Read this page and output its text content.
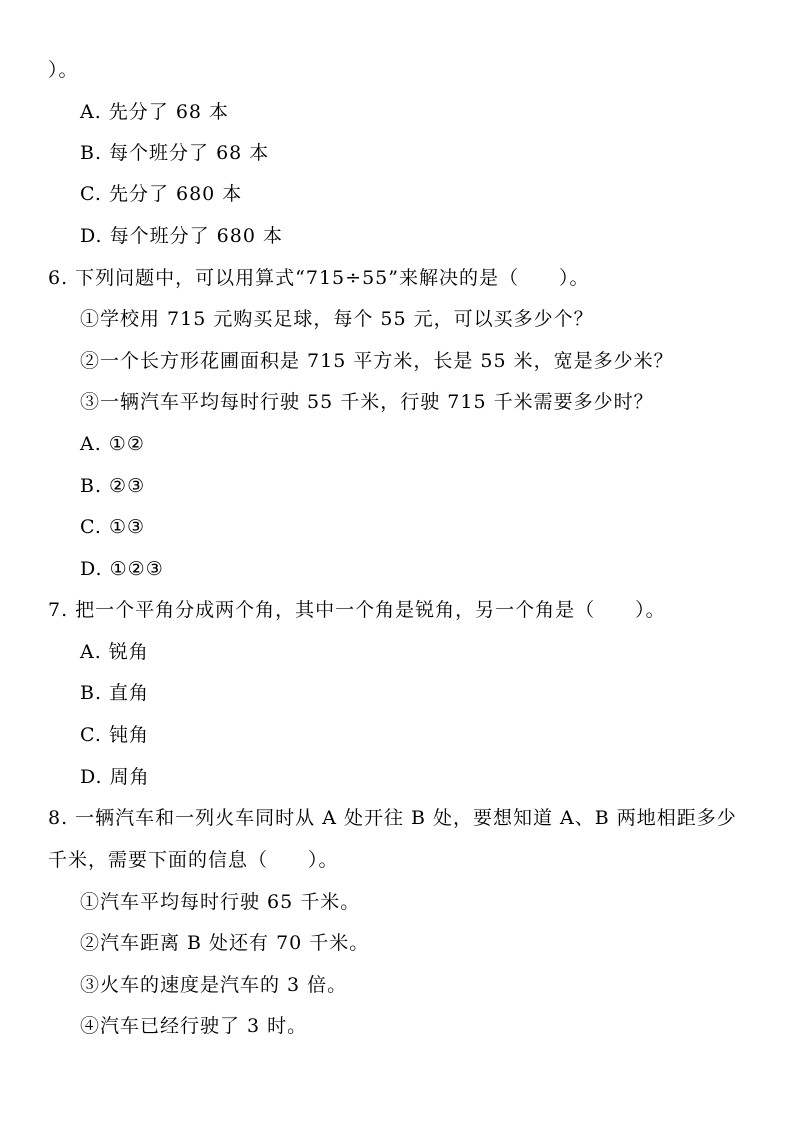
）。
A. 先分了 68 本
B. 每个班分了 68 本
C. 先分了 680 本
D. 每个班分了 680 本
6. 下列问题中，可以用算式“715÷55”来解决的是（　　）。
①学校用 715 元购买足球，每个 55 元，可以买多少个？
②一个长方形花圃面积是 715 平方米，长是 55 米，宽是多少米？
③一辆汽车平均每时行驶 55 千米，行驶 715 千米需要多少时？
A. ①②
B. ②③
C. ①③
D. ①②③
7. 把一个平角分成两个角，其中一个角是锐角，另一个角是（　　）。
A. 锐角
B. 直角
C. 钝角
D. 周角
8. 一辆汽车和一列火车同时从 A 处开往 B 处，要想知道 A、B 两地相距多少
千米，需要下面的信息（　　）。
①汽车平均每时行驶 65 千米。
②汽车距离 B 处还有 70 千米。
③火车的速度是汽车的 3 倍。
④汽车已经行驶了 3 时。
